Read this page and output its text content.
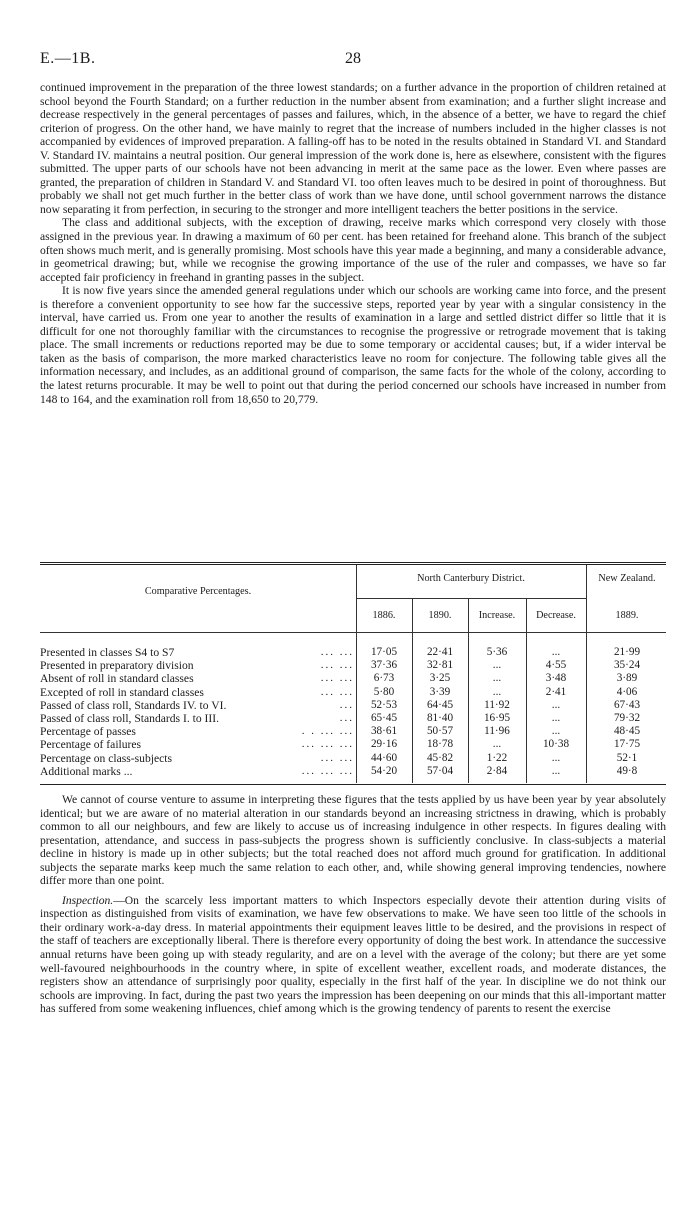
E.—1B.	28

continued improvement in the preparation of the three lowest standards; on a further advance in the proportion of children retained at school beyond the Fourth Standard; on a further reduction in the number absent from examination; and a further slight increase and decrease respectively in the general percentages of passes and failures, which, in the absence of a better, we have to regard the chief criterion of progress. On the other hand, we have mainly to regret that the increase of numbers included in the higher classes is not accompanied by evidences of improved preparation. A falling-off has to be noted in the results obtained in Standard VI. and Standard V. Standard IV. maintains a neutral position. Our general impression of the work done is, here as elsewhere, consistent with the figures submitted. The upper parts of our schools have not been advancing in merit at the same pace as the lower. Even where passes are granted, the preparation of children in Standard V. and Standard VI. too often leaves much to be desired in point of thoroughness. But probably we shall not get much further in the better class of work than we have done, until school government narrows the distance now separating it from perfection, in securing to the stronger and more intelligent teachers the better positions in the service.

The class and additional subjects, with the exception of drawing, receive marks which correspond very closely with those assigned in the previous year. In drawing a maximum of 60 per cent. has been retained for freehand alone. This branch of the subject often shows much merit, and is generally promising. Most schools have this year made a beginning, and many a considerable advance, in geometrical drawing; but, while we recognise the growing importance of the use of the ruler and compasses, we have so far accepted fair proficiency in freehand in granting passes in the subject.

It is now five years since the amended general regulations under which our schools are working came into force, and the present is therefore a convenient opportunity to see how far the successive steps, reported year by year with a singular consistency in the interval, have carried us. From one year to another the results of examination in a large and settled district differ so little that it is difficult for one not thoroughly familiar with the circumstances to recognise the progressive or retrograde movement that is taking place. The small increments or reductions reported may be due to some temporary or accidental causes; but, if a wider interval be taken as the basis of comparison, the more marked characteristics leave no room for conjecture. The following table gives all the information necessary, and includes, as an additional ground of comparison, the same facts for the whole of the colony, according to the latest returns procurable. It may be well to point out that during the period concerned our schools have increased in number from 148 to 164, and the examination roll from 18,650 to 20,779.

Comparative Percentages.
North Canterbury District.	New Zealand.
1886.	1890.	Increase.	Decrease.	1889.
Presented in classes S4 to S7	... ...	17·05	22·41	5·36	...	21·99
Presented in preparatory division	... ...	37·36	32·81	...	4·55	35·24
Absent of roll in standard classes	... ...	6·73	3·25	...	3·48	3·89
Excepted of roll in standard classes	... ...	5·80	3·39	...	2·41	4·06
Passed of class roll, Standards IV. to VI.	...	52·53	64·45	11·92	...	67·43
Passed of class roll, Standards I. to III.	...	65·45	81·40	16·95	...	79·32
Percentage of passes	. . ... ...	38·61	50·57	11·96	...	48·45
Percentage of failures	... ... ...	29·16	18·78	...	10·38	17·75
Percentage on class-subjects	... ...	44·60	45·82	1·22	...	52·1
Additional marks ...	... ... ...	54·20	57·04	2·84	...	49·8

We cannot of course venture to assume in interpreting these figures that the tests applied by us have been year by year absolutely identical; but we are aware of no material alteration in our standards beyond an increasing strictness in drawing, which is probably common to all our neighbours, and few are likely to accuse us of increasing indulgence in other respects. In figures dealing with presentation, attendance, and success in pass-subjects the progress shown is sufficiently conclusive. In class-subjects a material decline in history is made up in other subjects; but the total reached does not afford much ground for gratification. In additional subjects the separate marks keep much the same relation to each other, and, while showing general improving tendencies, nowhere differ more than one point.

Inspection.—On the scarcely less important matters to which Inspectors especially devote their attention during visits of inspection as distinguished from visits of examination, we have few observations to make. We have seen too little of the schools in their ordinary work-a-day dress. In material appointments their equipment leaves little to be desired, and the provisions in respect of the staff of teachers are exceptionally liberal. There is therefore every opportunity of doing the best work. In attendance the successive annual returns have been going up with steady regularity, and are on a level with the average of the colony; but there are yet some well-favoured neighbourhoods in the country where, in spite of excellent weather, excellent roads, and moderate distances, the registers show an attendance of surprisingly poor quality, especially in the first half of the year. In discipline we do not think our schools are improving. In fact, during the past two years the impression has been deepening on our minds that this all-important matter has suffered from some weakening influences, chief among which is the growing tendency of parents to resent the exercise
